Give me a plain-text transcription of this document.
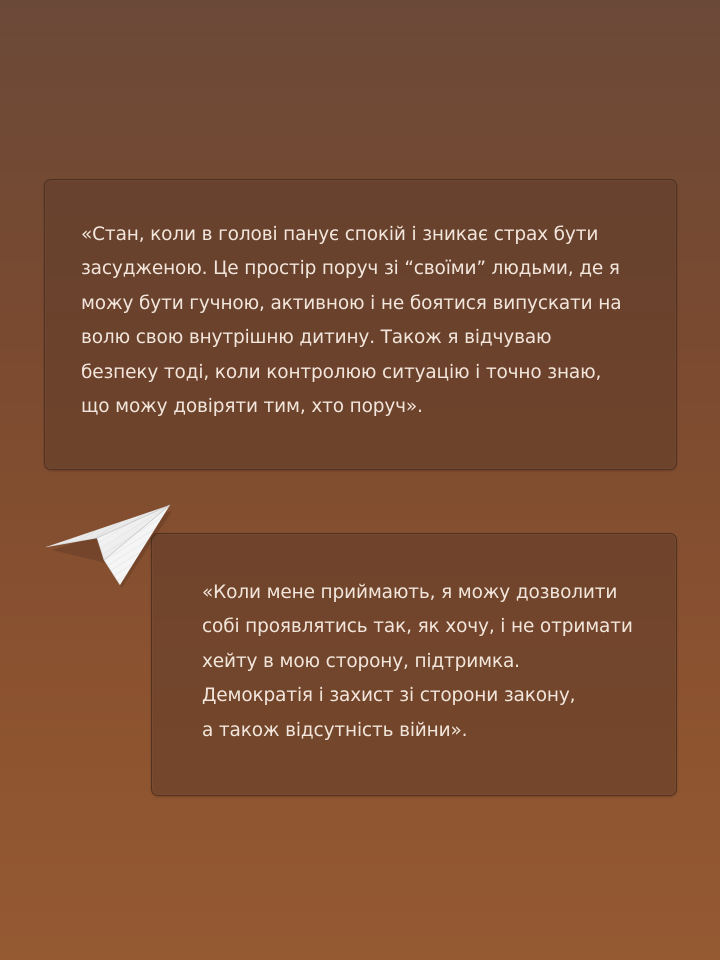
«Стан, коли в голові панує спокій і зникає страх бути
засудженою. Це простір поруч зі “своїми” людьми, де я
можу бути гучною, активною і не боятися випускати на
волю свою внутрішню дитину. Також я відчуваю
безпеку тоді, коли контролюю ситуацію і точно знаю,
що можу довіряти тим, хто поруч».

«Коли мене приймають, я можу дозволити
собі проявлятись так, як хочу, і не отримати
хейту в мою сторону, підтримка.
Демократія і захист зі сторони закону,
а також відсутність війни».
